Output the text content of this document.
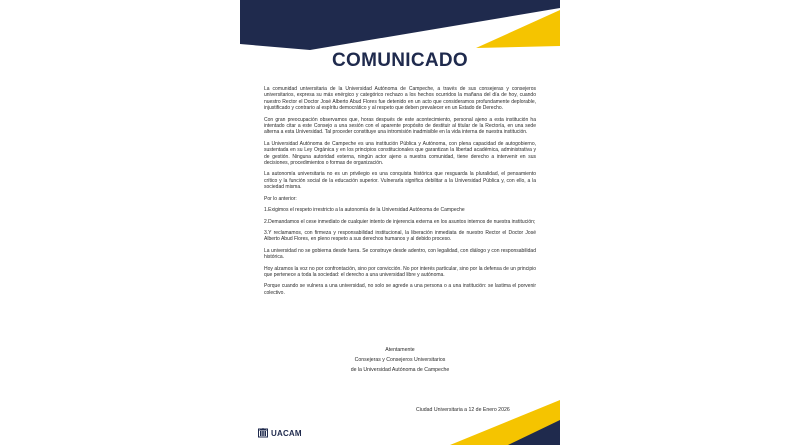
COMUNICADO

La comunidad universitaria de la Universidad Autónoma de Campeche, a través de sus consejeras y consejeros universitarios, expresa su más enérgico y categórico rechazo a los hechos ocurridos la mañana del día de hoy, cuando nuestro Rector el Doctor José Alberto Abud Flores fue detenido en un acto que consideramos profundamente deplorable, injustificado y contrario al espíritu democrático y al respeto que deben prevalecer en un Estado de Derecho.

Con gran preocupación observamos que, horas después de este acontecimiento, personal ajeno a esta institución ha intentado citar a este Consejo a una sesión con el aparente propósito de destituir al titular de la Rectoría, en una sede alterna a esta Universidad. Tal proceder constituye una intromisión inadmisible en la vida interna de nuestra institución.

La Universidad Autónoma de Campeche es una institución Pública y Autónoma, con plena capacidad de autogobierno, sustentada en su Ley Orgánica y en los principios constitucionales que garantizan la libertad académica, administrativa y de gestión. Ninguna autoridad externa, ningún actor ajeno a nuestra comunidad, tiene derecho a intervenir en sus decisiones, procedimientos o formas de organización.

La autonomía universitaria no es un privilegio es una conquista histórica que resguarda la pluralidad, el pensamiento crítico y la función social de la educación superior. Vulnerarla significa debilitar a la Universidad Pública y, con ello, a la sociedad misma.

Por lo anterior:

1.Exigimos el respeto irrestricto a la autonomía de la Universidad Autónoma de Campeche

2.Demandamos el cese inmediato de cualquier intento de injerencia externa en los asuntos internos de nuestra institución;

3.Y reclamamos, con firmeza y responsabilidad institucional, la liberación inmediata de nuestro Rector el Doctor José Alberto Abud Flores, en pleno respeto a sus derechos humanos y al debido proceso.

La universidad no se gobierna desde fuera. Se construye desde adentro, con legalidad, con diálogo y con responsabilidad histórica.

Hoy alzamos la voz no por confrontación, sino por convicción. No por interés particular, sino por la defensa de un principio que pertenece a toda la sociedad: el derecho a una universidad libre y autónoma.

Porque cuando se vulnera a una universidad, no solo se agrede a una persona o a una institución: se lastima el porvenir colectivo.

Atentamente
Consejeras y Consejeros Universitarios
de la Universidad Autónoma de Campeche
Ciudad Universitaria a 12 de Enero 2026
UACAM
